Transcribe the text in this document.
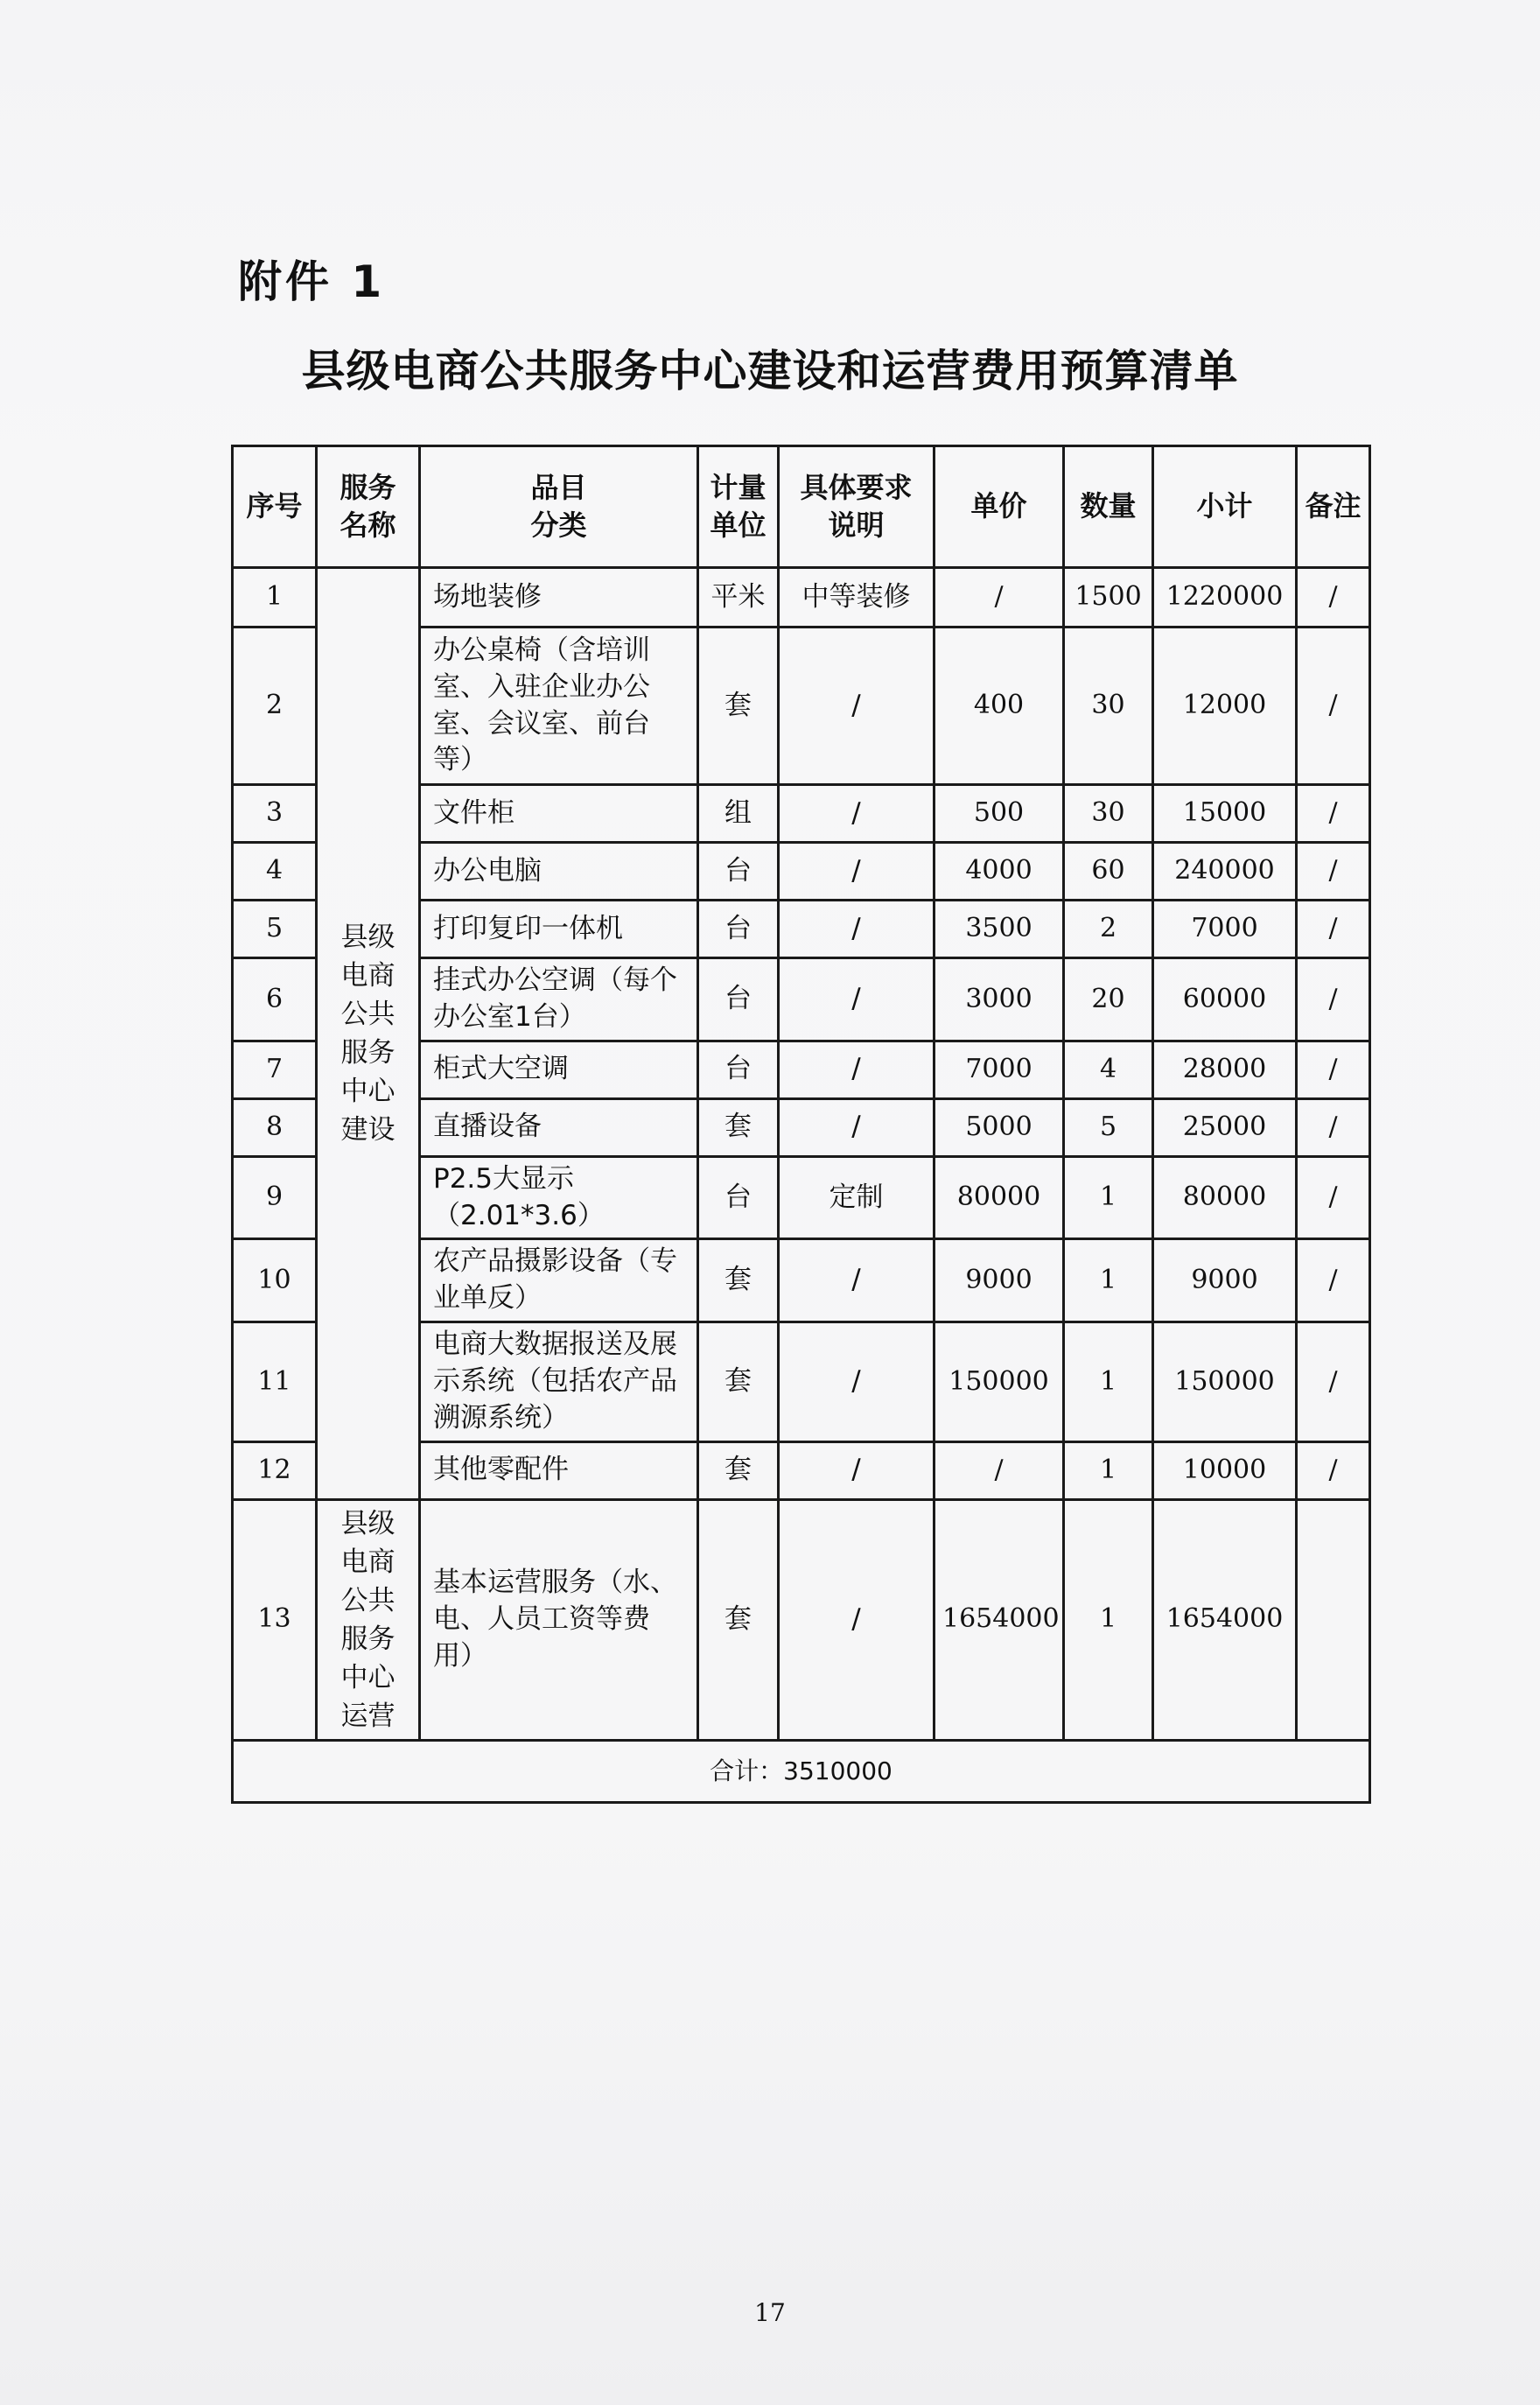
附件 1
县级电商公共服务中心建设和运营费用预算清单
序号	服务名称	品目分类	计量单位	具体要求说明	单价	数量	小计	备注
1	县级电商公共服务中心建设	场地装修	平米	中等装修	/	1500	1220000	/
2		办公桌椅（含培训室、入驻企业办公室、会议室、前台等）	套	/	400	30	12000	/
3		文件柜	组	/	500	30	15000	/
4		办公电脑	台	/	4000	60	240000	/
5		打印复印一体机	台	/	3500	2	7000	/
6		挂式办公空调（每个办公室1台）	台	/	3000	20	60000	/
7		柜式大空调	台	/	7000	4	28000	/
8		直播设备	套	/	5000	5	25000	/
9		P2.5大显示（2.01*3.6）	台	定制	80000	1	80000	/
10		农产品摄影设备（专业单反）	套	/	9000	1	9000	/
11		电商大数据报送及展示系统（包括农产品溯源系统）	套	/	150000	1	150000	/
12		其他零配件	套	/	/	1	10000	/
13	县级电商公共服务中心运营	基本运营服务（水、电、人员工资等费用）	套	/	1654000	1	1654000	
合计：3510000								
17
